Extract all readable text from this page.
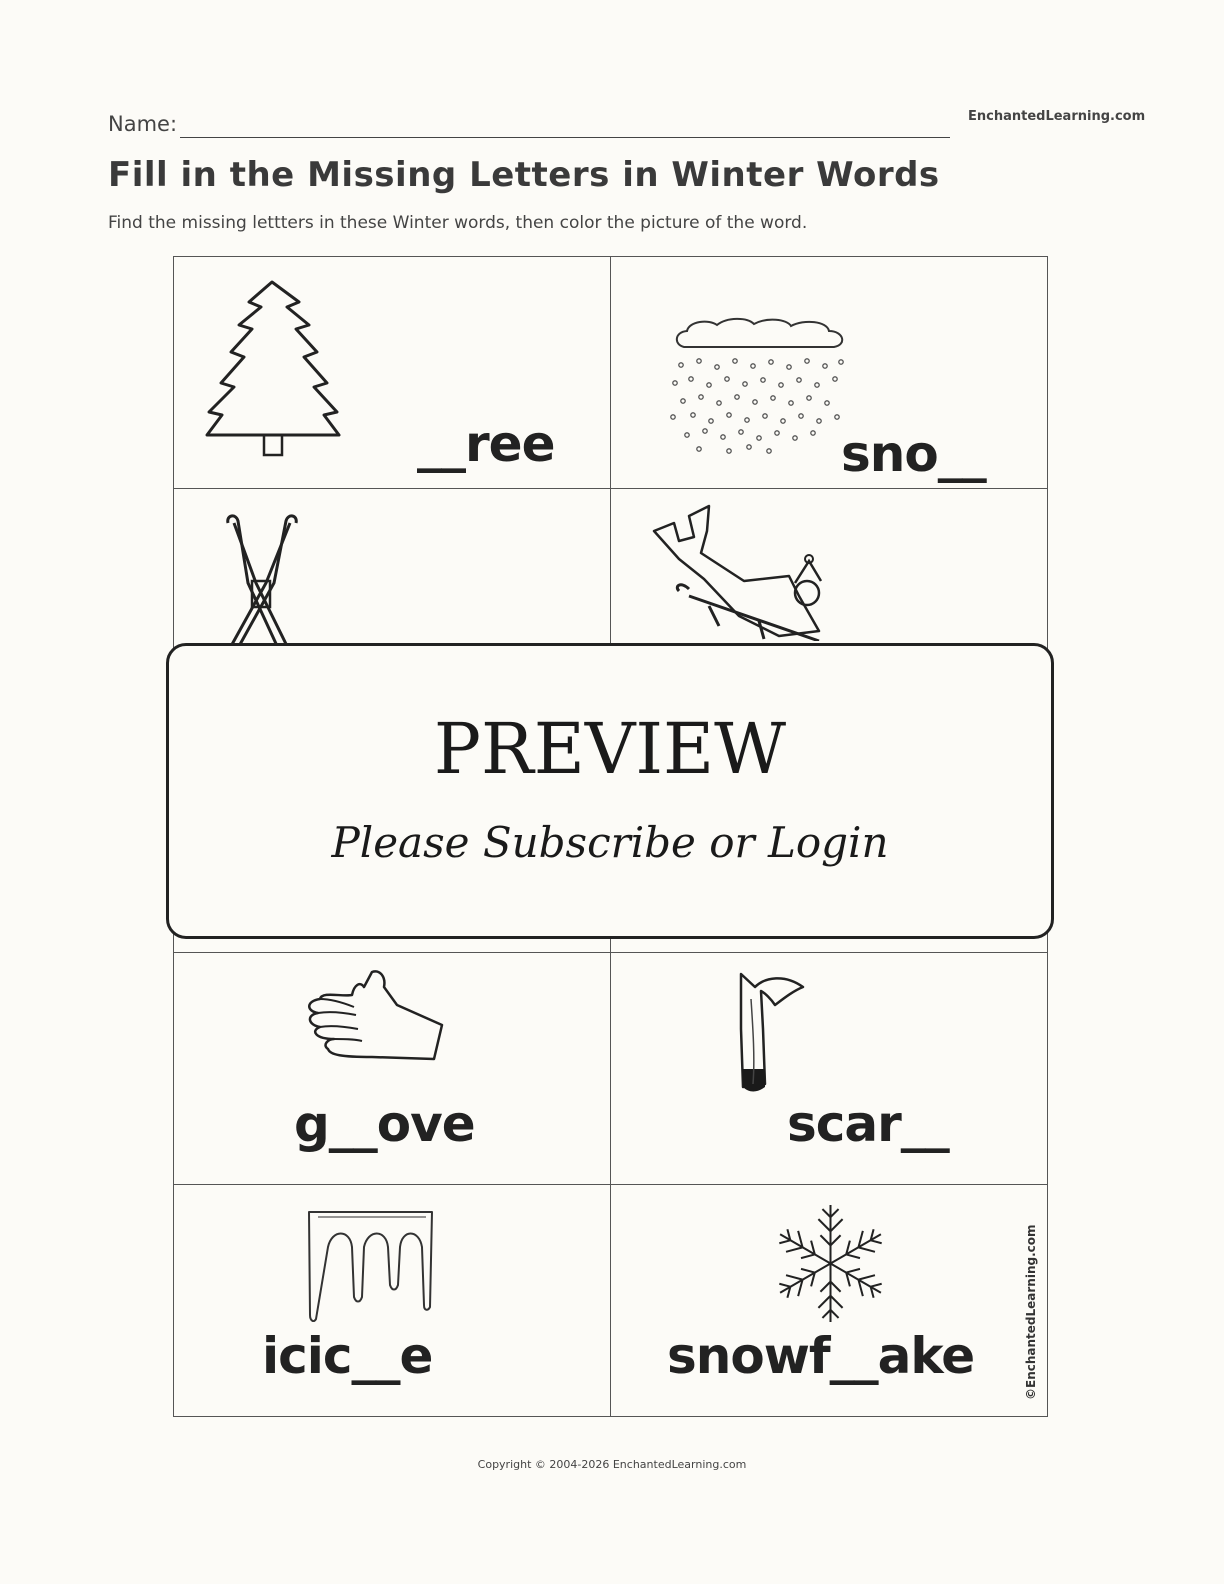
Name:	EnchantedLearning.com
Fill in the Missing Letters in Winter Words
Find the missing lettters in these Winter words, then color the picture of the word.
__ree	sno__
g__ove	scar__
icic__e	snowf__ake	©EnchantedLearning.com
PREVIEW
Please Subscribe or Login
Copyright © 2004-2026 EnchantedLearning.com
